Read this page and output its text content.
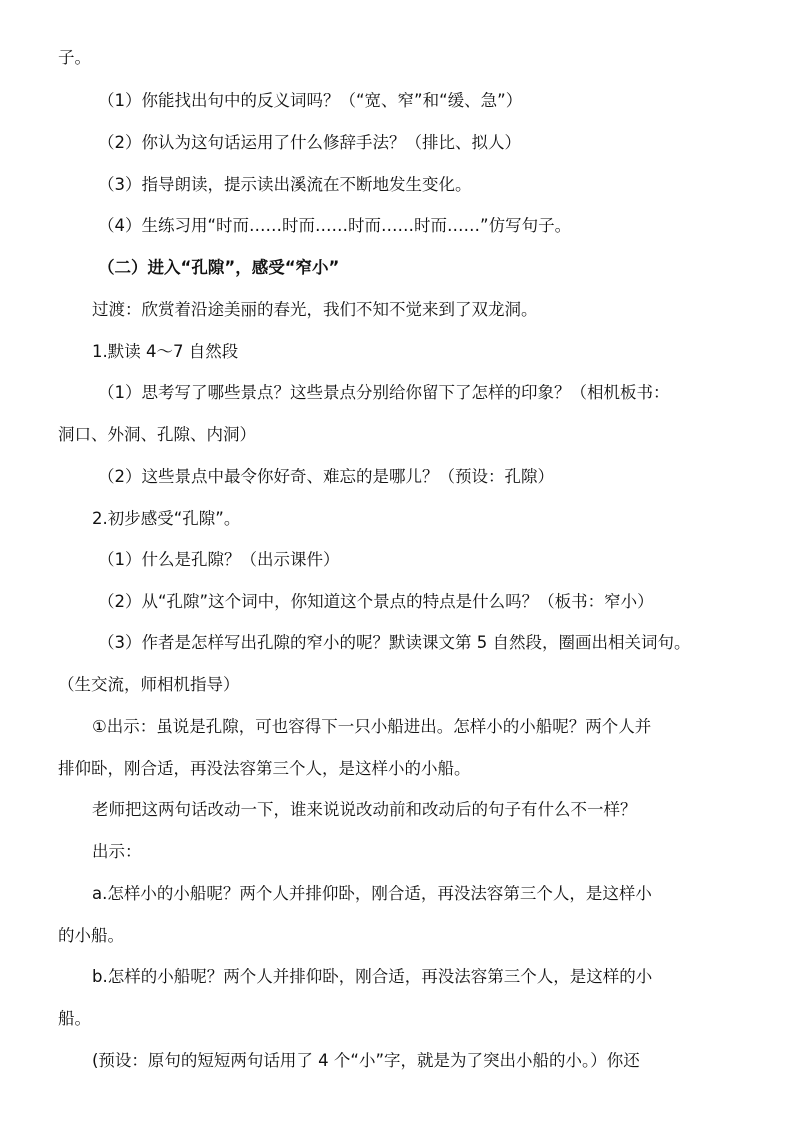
子。

（1）你能找出句中的反义词吗？（“宽、窄”和“缓、急”）

（2）你认为这句话运用了什么修辞手法？（排比、拟人）

（3）指导朗读，提示读出溪流在不断地发生变化。

（4）生练习用“时而……时而……时而……时而……”仿写句子。

（二）进入“孔隙”，感受“窄小”

过渡：欣赏着沿途美丽的春光，我们不知不觉来到了双龙洞。

1.默读 4～7 自然段

（1）思考写了哪些景点？这些景点分别给你留下了怎样的印象？（相机板书：

洞口、外洞、孔隙、内洞）

（2）这些景点中最令你好奇、难忘的是哪儿？（预设：孔隙）

2.初步感受“孔隙”。

（1）什么是孔隙？（出示课件）

（2）从“孔隙”这个词中，你知道这个景点的特点是什么吗？（板书：窄小）

（3）作者是怎样写出孔隙的窄小的呢？默读课文第 5 自然段，圈画出相关词句。

（生交流，师相机指导）

①出示：虽说是孔隙，可也容得下一只小船进出。怎样小的小船呢？两个人并

排仰卧，刚合适，再没法容第三个人，是这样小的小船。

老师把这两句话改动一下，谁来说说改动前和改动后的句子有什么不一样？

出示：

a.怎样小的小船呢？两个人并排仰卧，刚合适，再没法容第三个人，是这样小

的小船。

b.怎样的小船呢？两个人并排仰卧，刚合适，再没法容第三个人，是这样的小

船。

(预设：原句的短短两句话用了 4 个“小”字，就是为了突出小船的小。）你还
